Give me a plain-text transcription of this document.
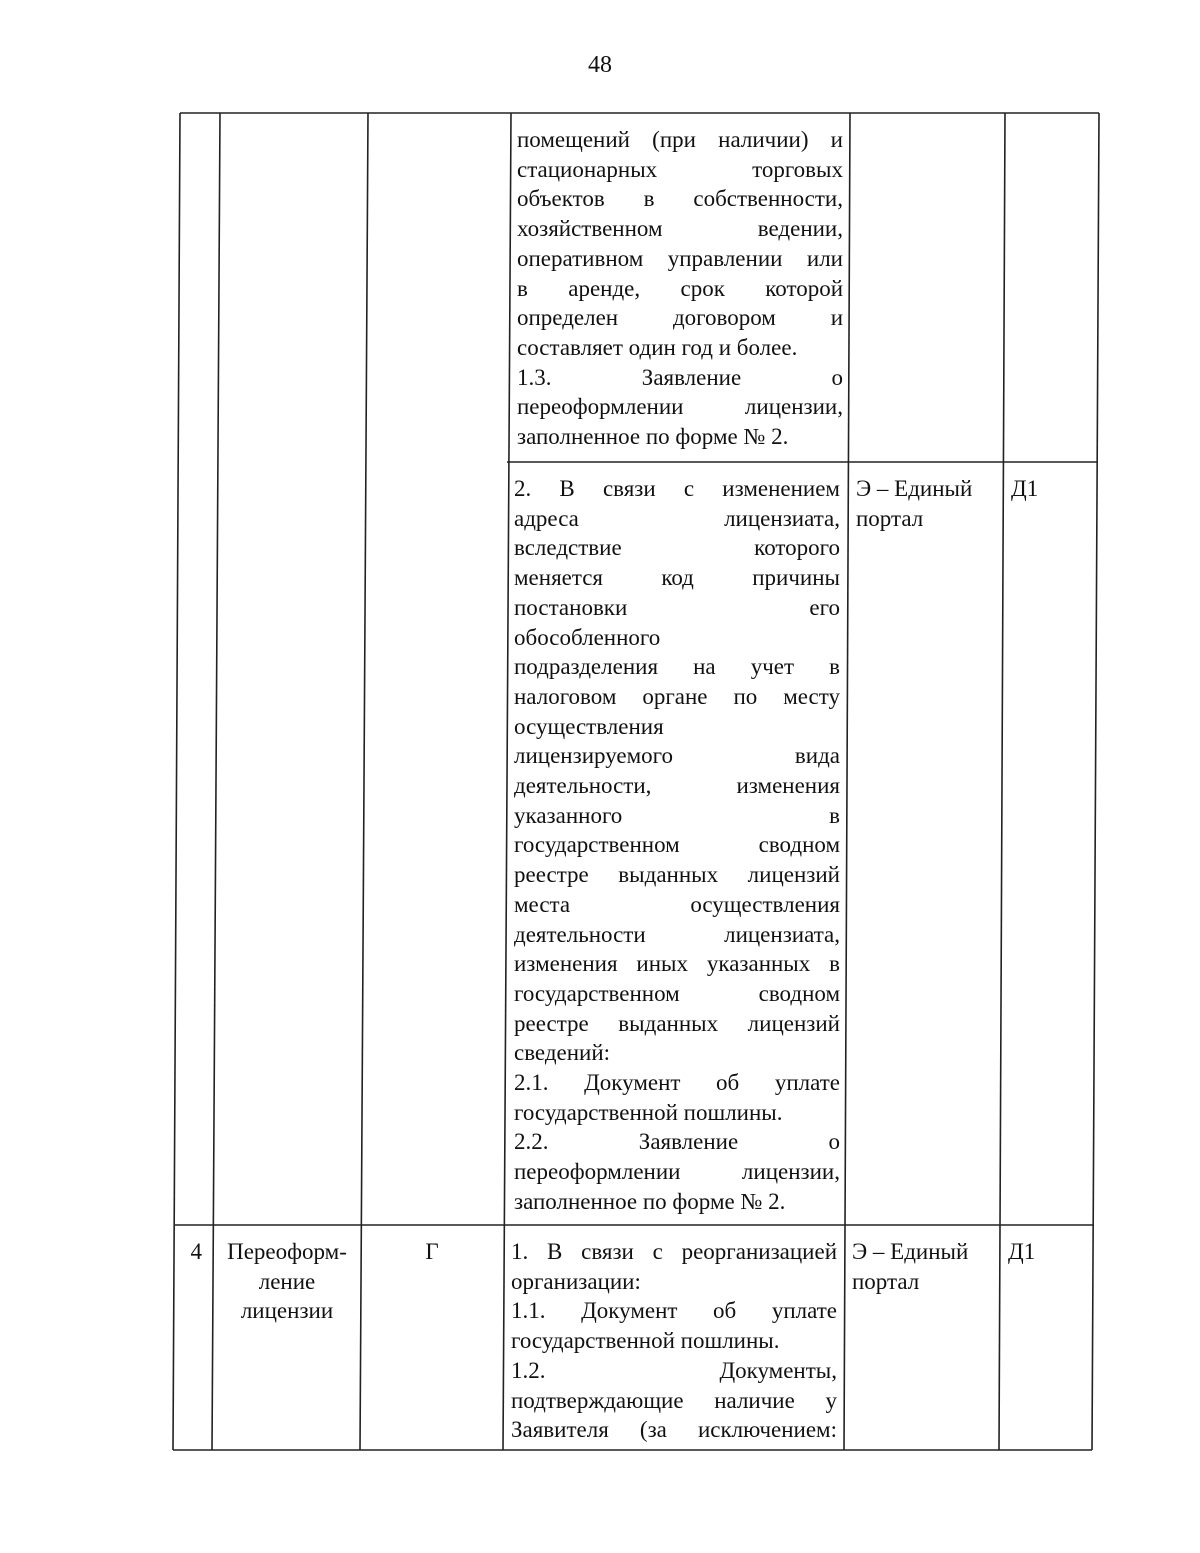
48
помещений (при наличии) и
стационарных торговых
объектов в собственности,
хозяйственном ведении,
оперативном управлении или
в аренде, срок которой
определен договором и
составляет один год и более.
1.3. Заявление о
переоформлении лицензии,
заполненное по форме № 2.
2. В связи с изменением
адреса лицензиата,
вследствие которого
меняется код причины
постановки его
обособленного
подразделения на учет в
налоговом органе по месту
осуществления
лицензируемого вида
деятельности, изменения
указанного в
государственном сводном
реестре выданных лицензий
места осуществления
деятельности лицензиата,
изменения иных указанных в
государственном сводном
реестре выданных лицензий
сведений:
2.1. Документ об уплате
государственной пошлины.
2.2. Заявление о
переоформлении лицензии,
заполненное по форме № 2.
Э – Единый портал
Д1
4	Переоформ-
ление
лицензии
Г	1. В связи с реорганизацией
организации:
1.1. Документ об уплате
государственной пошлины.
1.2. Документы,
подтверждающие наличие у
Заявителя (за исключением:
Э – Единый портал
Д1
